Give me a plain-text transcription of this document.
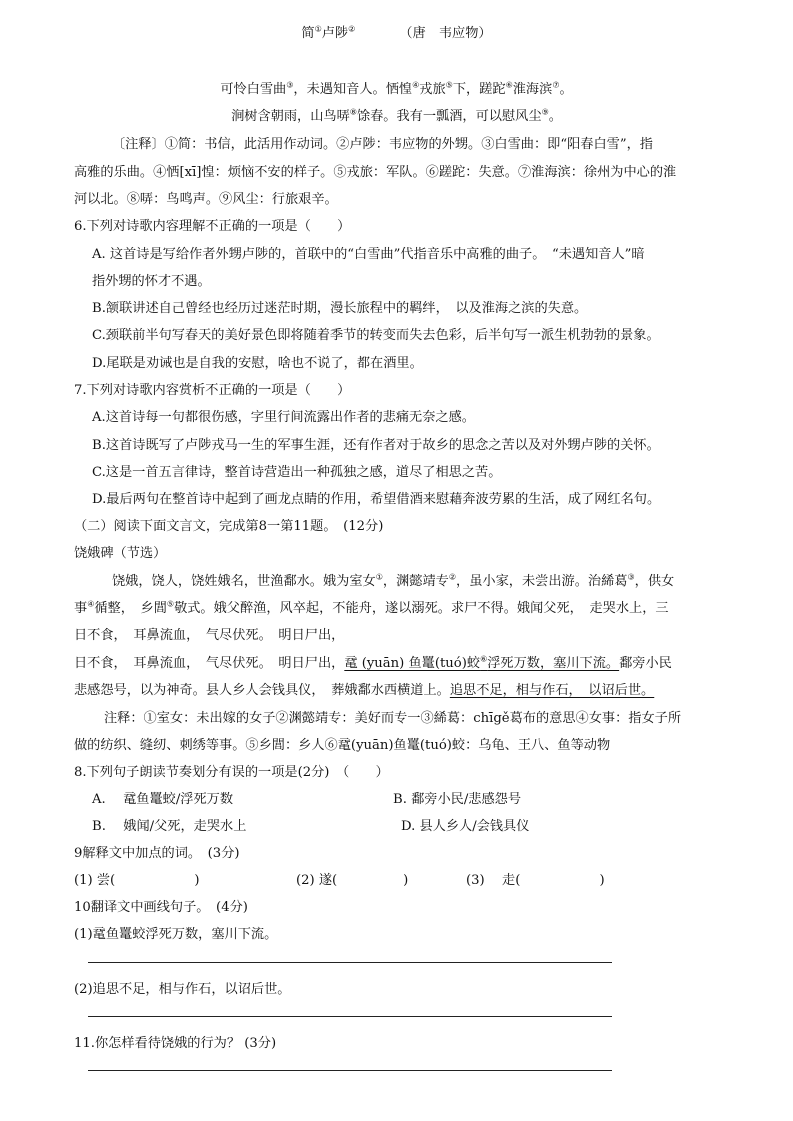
简①卢陟②	（唐　韦应物）
可怜白雪曲③，未遇知音人。恓惶④戎旅⑤下，蹉跎⑥淮海滨⑦。
涧树含朝雨，山鸟哢⑧馀春。我有一瓢酒，可以慰风尘⑨。
〔注释〕①简：书信，此活用作动词。②卢陟：韦应物的外甥。③白雪曲：即“阳春白雪”，指
高雅的乐曲。④恓[xī]惶：烦恼不安的样子。⑤戎旅：军队。⑥蹉跎：失意。⑦淮海滨：徐州为中心的淮
河以北。⑧哢：鸟鸣声。⑨风尘：行旅艰辛。
6.下列对诗歌内容理解不正确的一项是（　　）
A. 这首诗是写给作者外甥卢陟的，首联中的“白雪曲”代指音乐中高雅的曲子。　“未遇知音人”暗
指外甥的怀才不遇。
B.颔联讲述自己曾经也经历过迷茫时期，漫长旅程中的羁绊，　以及淮海之滨的失意。
C.颈联前半句写春天的美好景色即将随着季节的转变而失去色彩，后半句写一派生机勃勃的景象。
D.尾联是劝诫也是自我的安慰，啥也不说了，都在酒里。
7.下列对诗歌内容赏析不正确的一项是（　　）
A.这首诗每一句都很伤感，字里行间流露出作者的悲痛无奈之感。
B.这首诗既写了卢陟戎马一生的军事生涯，还有作者对于故乡的思念之苦以及对外甥卢陟的关怀。
C.这是一首五言律诗，整首诗营造出一种孤独之感，道尽了相思之苦。
D.最后两句在整首诗中起到了画龙点睛的作用，希望借酒来慰藉奔波劳累的生活，成了网红名句。
（二）阅读下面文言文，完成第8一第11题。　(12分)
饶娥碑（节选）
饶娥，饶人，饶姓娥名，世渔鄱水。娥为室女①，渊懿靖专②，虽小家，未尝出游。治絺葛③，供女
事④循整，　乡閭⑤敬式。娥父醉渔，风卒起，不能舟，遂以溺死。求尸不得。娥闻父死，　走哭水上，三
日不食，　耳鼻流血，　气尽伏死。　明日尸出，
日不食，　耳鼻流血，　气尽伏死。　明日尸出，鼋 (yuān) 鱼鼍(tuó)蛟⑥浮死万数，塞川下流。鄱旁小民
悲感怨号，以为神奇。县人乡人会钱具仪，　葬娥鄱水西横道上。追思不足，相与作石，　以诏后世。
注释：①室女：未出嫁的女子②渊懿靖专：美好而专一③絺葛：chīgě葛布的意思④女事：指女子所
做的纺织、缝纫、刺绣等事。⑤乡閭：乡人⑥鼋(yuān)鱼鼍(tuó)蛟：乌龟、王八、鱼等动物
8.下列句子朗读节奏划分有误的一项是(2分)　（　　）
A.　 鼋鱼鼍蛟/浮死万数	B. 鄱旁小民/悲感怨号
B.　 娥闻/父死，走哭水上	D. 县人乡人/会钱具仪
9解释文中加点的词。　(3分)
(1) 尝(　　　　　　)	(2) 遂(　　　　　)	(3)　 走(　　　　　　)
10翻译文中画线句子。　(4分)
(1)鼋鱼鼍蛟浮死万数，塞川下流。
(2)追思不足，相与作石，以诏后世。
11.你怎样看待饶娥的行为？ (3分)
